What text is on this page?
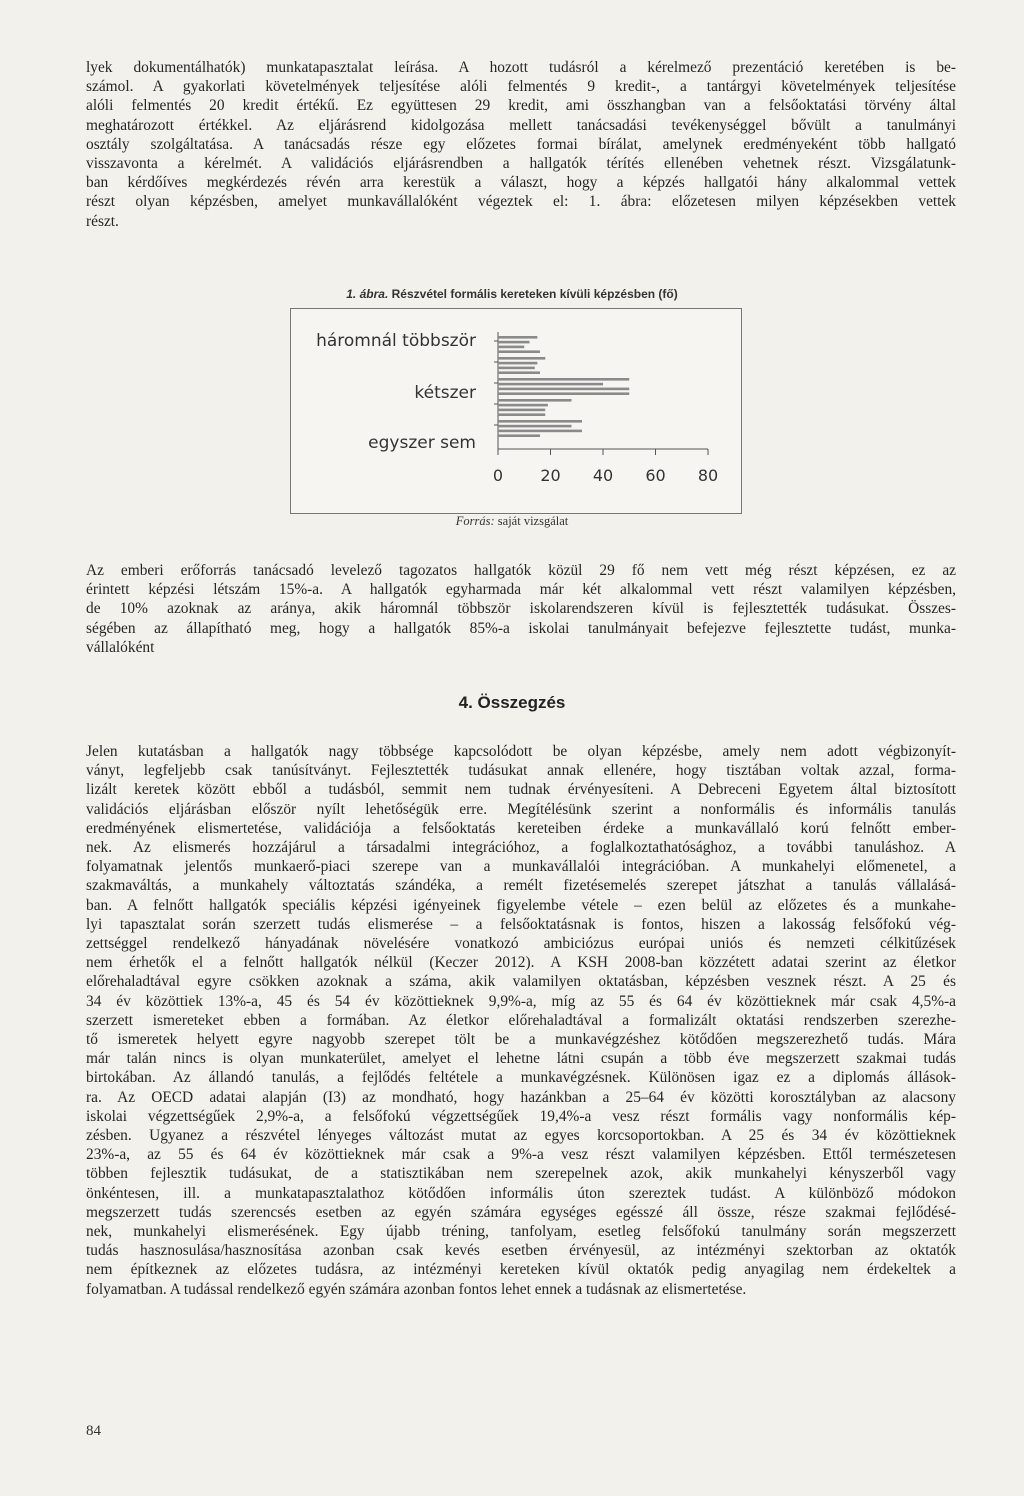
lyek dokumentálhatók) munkatapasztalat leírása. A hozott tudásról a kérelmező prezentáció keretében is be-
számol. A gyakorlati követelmények teljesítése alóli felmentés 9 kredit-, a tantárgyi követelmények teljesítése
alóli felmentés 20 kredit értékű. Ez együttesen 29 kredit, ami összhangban van a felsőoktatási törvény által
meghatározott értékkel. Az eljárásrend kidolgozása mellett tanácsadási tevékenységgel bővült a tanulmányi
osztály szolgáltatása. A tanácsadás része egy előzetes formai bírálat, amelynek eredményeként több hallgató
visszavonta a kérelmét. A validációs eljárásrendben a hallgatók térítés ellenében vehetnek részt. Vizsgálatunk-
ban kérdőíves megkérdezés révén arra kerestük a választ, hogy a képzés hallgatói hány alkalommal vettek
részt olyan képzésben, amelyet munkavállalóként végeztek el: 1. ábra: előzetesen milyen képzésekben vettek
részt.

1. ábra. Részvétel formális kereteken kívüli képzésben (fő)
háromnál többször
kétszer
egyszer sem
0 20 40 60 80
Forrás: saját vizsgálat

Az emberi erőforrás tanácsadó levelező tagozatos hallgatók közül 29 fő nem vett még részt képzésen, ez az
érintett képzési létszám 15%-a. A hallgatók egyharmada már két alkalommal vett részt valamilyen képzésben,
de 10% azoknak az aránya, akik háromnál többször iskolarendszeren kívül is fejlesztették tudásukat. Összes-
ségében az állapítható meg, hogy a hallgatók 85%-a iskolai tanulmányait befejezve fejlesztette tudást, munka-
vállalóként

4. Összegzés

Jelen kutatásban a hallgatók nagy többsége kapcsolódott be olyan képzésbe, amely nem adott végbizonyít-
ványt, legfeljebb csak tanúsítványt. Fejlesztették tudásukat annak ellenére, hogy tisztában voltak azzal, forma-
lizált keretek között ebből a tudásból, semmit nem tudnak érvényesíteni. A Debreceni Egyetem által biztosított
validációs eljárásban először nyílt lehetőségük erre. Megítélésünk szerint a nonformális és informális tanulás
eredményének elismertetése, validációja a felsőoktatás kereteiben érdeke a munkavállaló korú felnőtt ember-
nek. Az elismerés hozzájárul a társadalmi integrációhoz, a foglalkoztathatósághoz, a további tanuláshoz. A
folyamatnak jelentős munkaerő-piaci szerepe van a munkavállalói integrációban. A munkahelyi előmenetel, a
szakmaváltás, a munkahely változtatás szándéka, a remélt fizetésemelés szerepet játszhat a tanulás vállalásá-
ban. A felnőtt hallgatók speciális képzési igényeinek figyelembe vétele – ezen belül az előzetes és a munkahe-
lyi tapasztalat során szerzett tudás elismerése – a felsőoktatásnak is fontos, hiszen a lakosság felsőfokú vég-
zettséggel rendelkező hányadának növelésére vonatkozó ambiciózus európai uniós és nemzeti célkitűzések
nem érhetők el a felnőtt hallgatók nélkül (Keczer 2012). A KSH 2008-ban közzétett adatai szerint az életkor
előrehaladtával egyre csökken azoknak a száma, akik valamilyen oktatásban, képzésben vesznek részt. A 25 és
34 év közöttiek 13%-a, 45 és 54 év közöttieknek 9,9%-a, míg az 55 és 64 év közöttieknek már csak 4,5%-a
szerzett ismereteket ebben a formában. Az életkor előrehaladtával a formalizált oktatási rendszerben szerezhe-
tő ismeretek helyett egyre nagyobb szerepet tölt be a munkavégzéshez kötődően megszerezhető tudás. Mára
már talán nincs is olyan munkaterület, amelyet el lehetne látni csupán a több éve megszerzett szakmai tudás
birtokában. Az állandó tanulás, a fejlődés feltétele a munkavégzésnek. Különösen igaz ez a diplomás állások-
ra. Az OECD adatai alapján (I3) az mondható, hogy hazánkban a 25–64 év közötti korosztályban az alacsony
iskolai végzettségűek 2,9%-a, a felsőfokú végzettségűek 19,4%-a vesz részt formális vagy nonformális kép-
zésben. Ugyanez a részvétel lényeges változást mutat az egyes korcsoportokban. A 25 és 34 év közöttieknek
23%-a, az 55 és 64 év közöttieknek már csak a 9%-a vesz részt valamilyen képzésben. Ettől természetesen
többen fejlesztik tudásukat, de a statisztikában nem szerepelnek azok, akik munkahelyi kényszerből vagy
önkéntesen, ill. a munkatapasztalathoz kötődően informális úton szereztek tudást. A különböző módokon
megszerzett tudás szerencsés esetben az egyén számára egységes egésszé áll össze, része szakmai fejlődésé-
nek, munkahelyi elismerésének. Egy újabb tréning, tanfolyam, esetleg felsőfokú tanulmány során megszerzett
tudás hasznosulása/hasznosítása azonban csak kevés esetben érvényesül, az intézményi szektorban az oktatók
nem építkeznek az előzetes tudásra, az intézményi kereteken kívül oktatók pedig anyagilag nem érdekeltek a
folyamatban. A tudással rendelkező egyén számára azonban fontos lehet ennek a tudásnak az elismertetése.

84
